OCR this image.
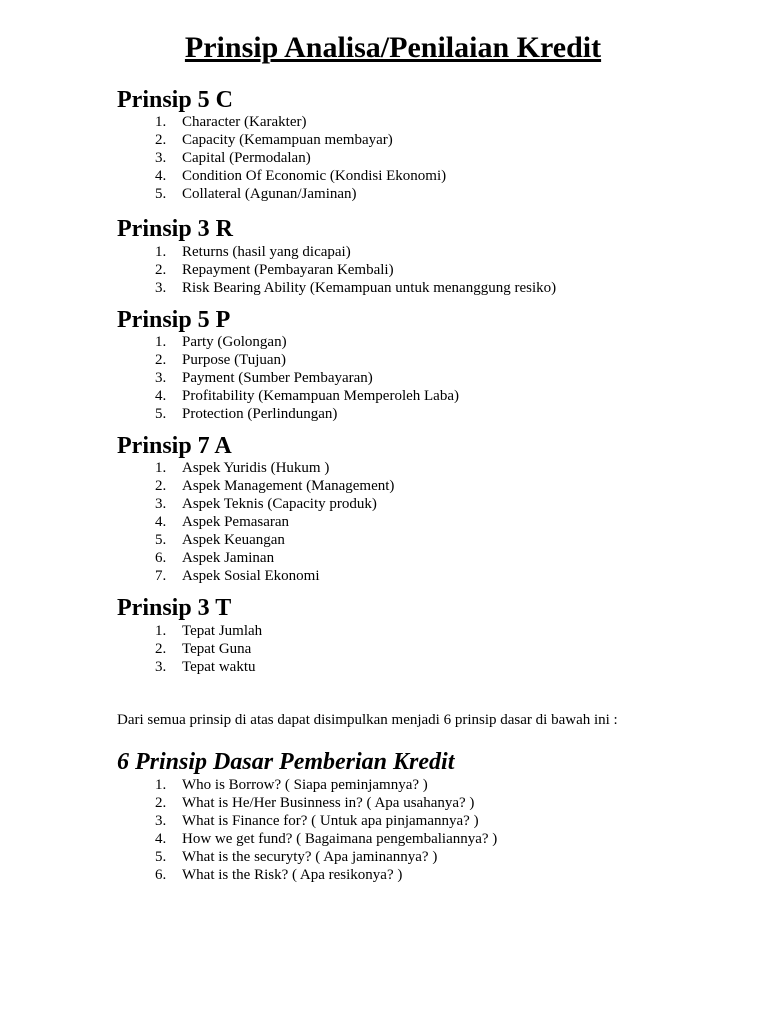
Prinsip Analisa/Penilaian Kredit
Prinsip 5 C
1.	Character (Karakter)
2.	Capacity (Kemampuan membayar)
3.	Capital (Permodalan)
4.	Condition Of Economic (Kondisi Ekonomi)
5.	Collateral (Agunan/Jaminan)
Prinsip 3 R
1.	Returns (hasil yang dicapai)
2.	Repayment (Pembayaran Kembali)
3.	Risk Bearing Ability (Kemampuan untuk menanggung resiko)
Prinsip 5 P
1.	Party (Golongan)
2.	Purpose (Tujuan)
3.	Payment (Sumber Pembayaran)
4.	Profitability (Kemampuan Memperoleh Laba)
5.	Protection (Perlindungan)
Prinsip 7 A
1.	Aspek Yuridis (Hukum )
2.	Aspek Management (Management)
3.	Aspek Teknis (Capacity produk)
4.	Aspek Pemasaran
5.	Aspek Keuangan
6.	Aspek Jaminan
7.	Aspek Sosial Ekonomi
Prinsip 3 T
1.	Tepat Jumlah
2.	Tepat Guna
3.	Tepat waktu

Dari semua prinsip di atas dapat disimpulkan menjadi 6 prinsip dasar di bawah ini :

6 Prinsip Dasar Pemberian Kredit
1.	Who is Borrow? ( Siapa peminjamnya? )
2.	What is He/Her Businness in? ( Apa usahanya? )
3.	What is Finance for? ( Untuk apa pinjamannya? )
4.	How we get fund? ( Bagaimana pengembaliannya? )
5.	What is the securyty? ( Apa jaminannya? )
6.	What is the Risk? ( Apa resikonya? )
